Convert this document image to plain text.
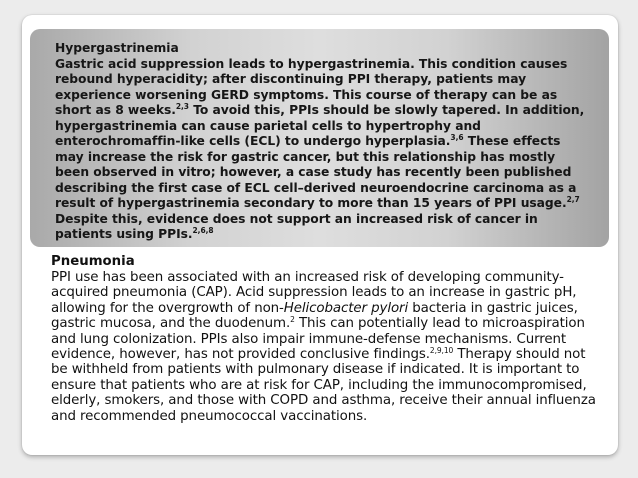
Hypergastrinemia
Gastric acid suppression leads to hypergastrinemia. This condition causes rebound hyperacidity; after discontinuing PPI therapy, patients may experience worsening GERD symptoms. This course of therapy can be as short as 8 weeks.$^{2,3}$ To avoid this, PPIs should be slowly tapered. In addition, hypergastrinemia can cause parietal cells to hypertrophy and enterochromaffin-like cells (ECL) to undergo hyperplasia.$^{3,6}$ These effects may increase the risk for gastric cancer, but this relationship has mostly been observed in vitro; however, a case study has recently been published describing the first case of ECL cell–derived neuroendocrine carcinoma as a result of hypergastrinemia secondary to more than 15 years of PPI usage.$^{2,7}$ Despite this, evidence does not support an increased risk of cancer in patients using PPIs.$^{2,6,8}$
Pneumonia
PPI use has been associated with an increased risk of developing community-acquired pneumonia (CAP). Acid suppression leads to an increase in gastric pH, allowing for the overgrowth of non-Helicobacter pylori bacteria in gastric juices, gastric mucosa, and the duodenum.$^2$ This can potentially lead to microaspiration and lung colonization. PPIs also impair immune-defense mechanisms. Current evidence, however, has not provided conclusive findings.$^{2,9,10}$ Therapy should not be withheld from patients with pulmonary disease if indicated. It is important to ensure that patients who are at risk for CAP, including the immunocompromised, elderly, smokers, and those with COPD and asthma, receive their annual influenza and recommended pneumococcal vaccinations.
